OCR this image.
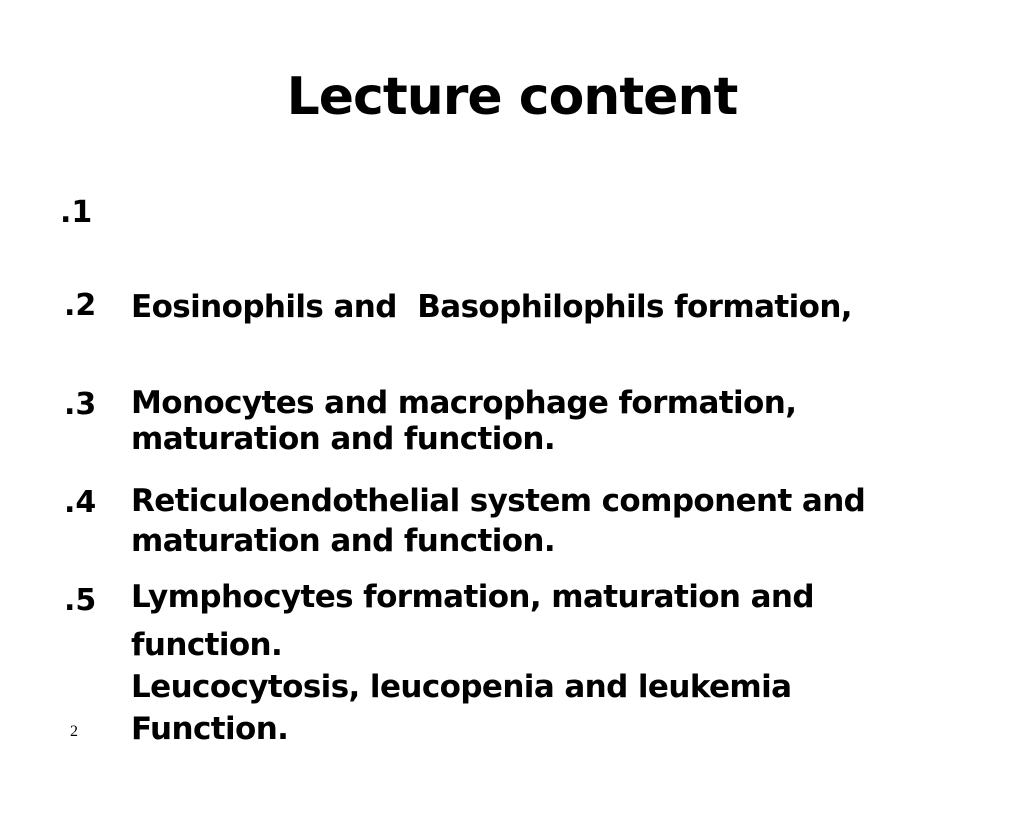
Lecture content
.1

Eosinophils and  Basophilophils formation,

maturation and function.

.2

Monocytes and macrophage formation,

maturation and function.

.3

Reticuloendothelial system component and

function.

.4

Lymphocytes formation, maturation and

Function.

.5

Leucocytosis, leucopenia and leukemia

2
